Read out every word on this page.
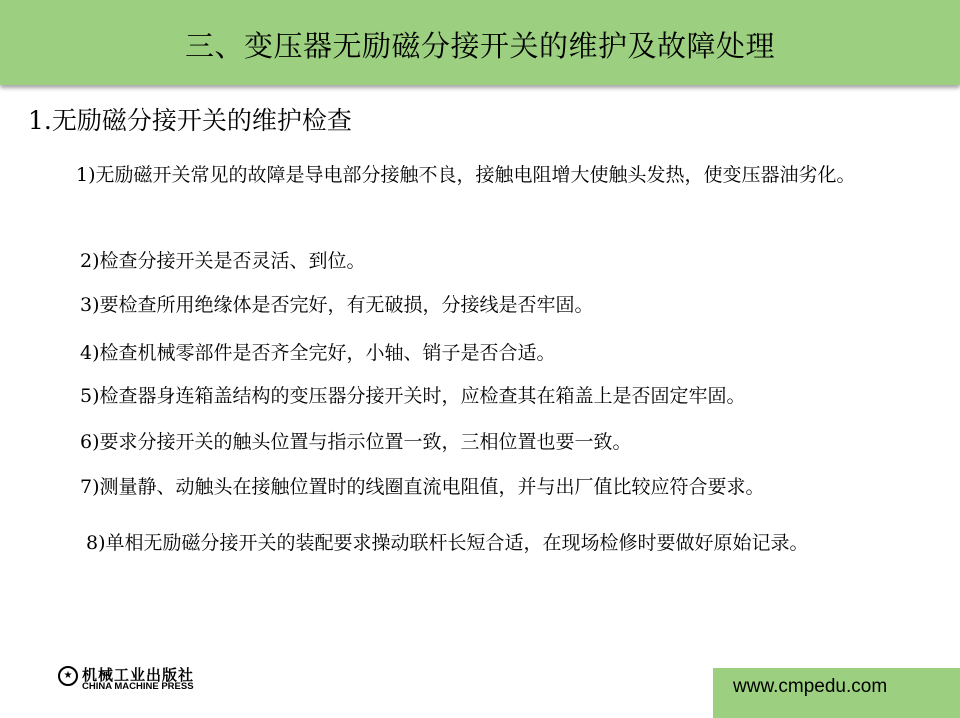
三、变压器无励磁分接开关的维护及故障处理
1.无励磁分接开关的维护检查
1)无励磁开关常见的故障是导电部分接触不良，接触电阻增大使触头发热，使变压器油劣化。
2)检查分接开关是否灵活、到位。
3)要检查所用绝缘体是否完好，有无破损，分接线是否牢固。
4)检查机械零部件是否齐全完好，小轴、销子是否合适。
5)检查器身连箱盖结构的变压器分接开关时，应检查其在箱盖上是否固定牢固。
6)要求分接开关的触头位置与指示位置一致，三相位置也要一致。
7)测量静、动触头在接触位置时的线圈直流电阻值，并与出厂值比较应符合要求。
8)单相无励磁分接开关的装配要求操动联杆长短合适，在现场检修时要做好原始记录。
★ 机械工业出版社
CHINA MACHINE PRESS	www.cmpedu.com
